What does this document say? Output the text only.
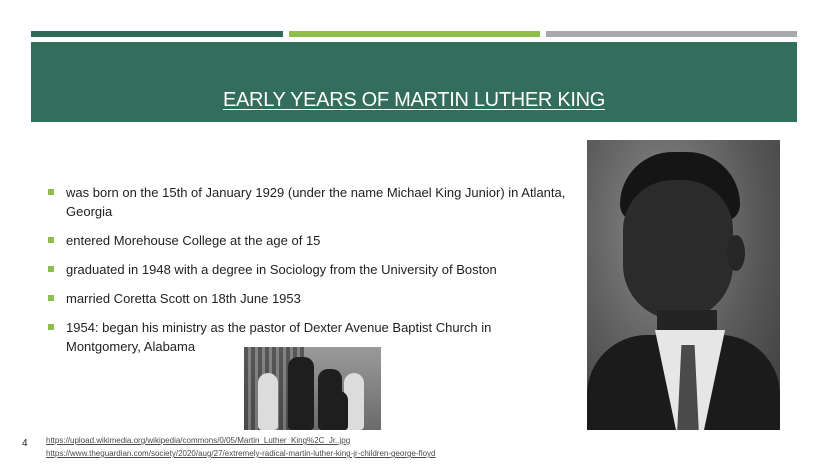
EARLY YEARS OF MARTIN LUTHER KING
was born on the 15th of January 1929 (under the name Michael King Junior) in Atlanta, Georgia
entered Morehouse College at the age of 15
graduated in 1948 with a degree in Sociology from the University of Boston
married Coretta Scott on 18th June 1953
1954: began his ministry as the pastor of Dexter Avenue Baptist Church in Montgomery, Alabama
4 https://upload.wikimedia.org/wikipedia/commons/0/05/Martin_Luther_King%2C_Jr..jpg
https://www.theguardian.com/society/2020/aug/27/extremely-radical-martin-luther-king-jr-children-george-floyd
